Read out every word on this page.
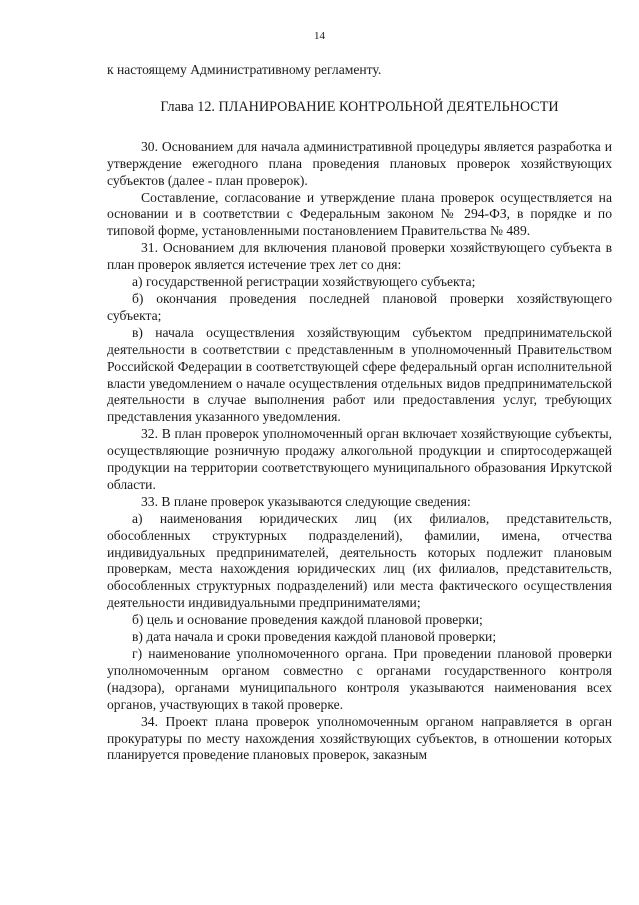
14

к настоящему Административному регламенту.

Глава 12. ПЛАНИРОВАНИЕ КОНТРОЛЬНОЙ ДЕЯТЕЛЬНОСТИ

30. Основанием для начала административной процедуры является разработка и утверждение ежегодного плана проведения плановых проверок хозяйствующих субъектов (далее - план проверок).

Составление, согласование и утверждение плана проверок осуществляется на основании и в соответствии с Федеральным законом № 294-ФЗ, в порядке и по типовой форме, установленными постановлением Правительства № 489.

31. Основанием для включения плановой проверки хозяйствующего субъекта в план проверок является истечение трех лет со дня:

а) государственной регистрации хозяйствующего субъекта;

б) окончания проведения последней плановой проверки хозяйствующего субъекта;

в) начала осуществления хозяйствующим субъектом предпринимательской деятельности в соответствии с представленным в уполномоченный Правительством Российской Федерации в соответствующей сфере федеральный орган исполнительной власти уведомлением о начале осуществления отдельных видов предпринимательской деятельности в случае выполнения работ или предоставления услуг, требующих представления указанного уведомления.

32. В план проверок уполномоченный орган включает хозяйствующие субъекты, осуществляющие розничную продажу алкогольной продукции и спиртосодержащей продукции на территории соответствующего муниципального образования Иркутской области.

33. В плане проверок указываются следующие сведения:

а) наименования юридических лиц (их филиалов, представительств, обособленных структурных подразделений), фамилии, имена, отчества индивидуальных предпринимателей, деятельность которых подлежит плановым проверкам, места нахождения юридических лиц (их филиалов, представительств, обособленных структурных подразделений) или места фактического осуществления деятельности индивидуальными предпринимателями;

б) цель и основание проведения каждой плановой проверки;

в) дата начала и сроки проведения каждой плановой проверки;

г) наименование уполномоченного органа. При проведении плановой проверки уполномоченным органом совместно с органами государственного контроля (надзора), органами муниципального контроля указываются наименования всех органов, участвующих в такой проверке.

34. Проект плана проверок уполномоченным органом направляется в орган прокуратуры по месту нахождения хозяйствующих субъектов, в отношении которых планируется проведение плановых проверок, заказным
